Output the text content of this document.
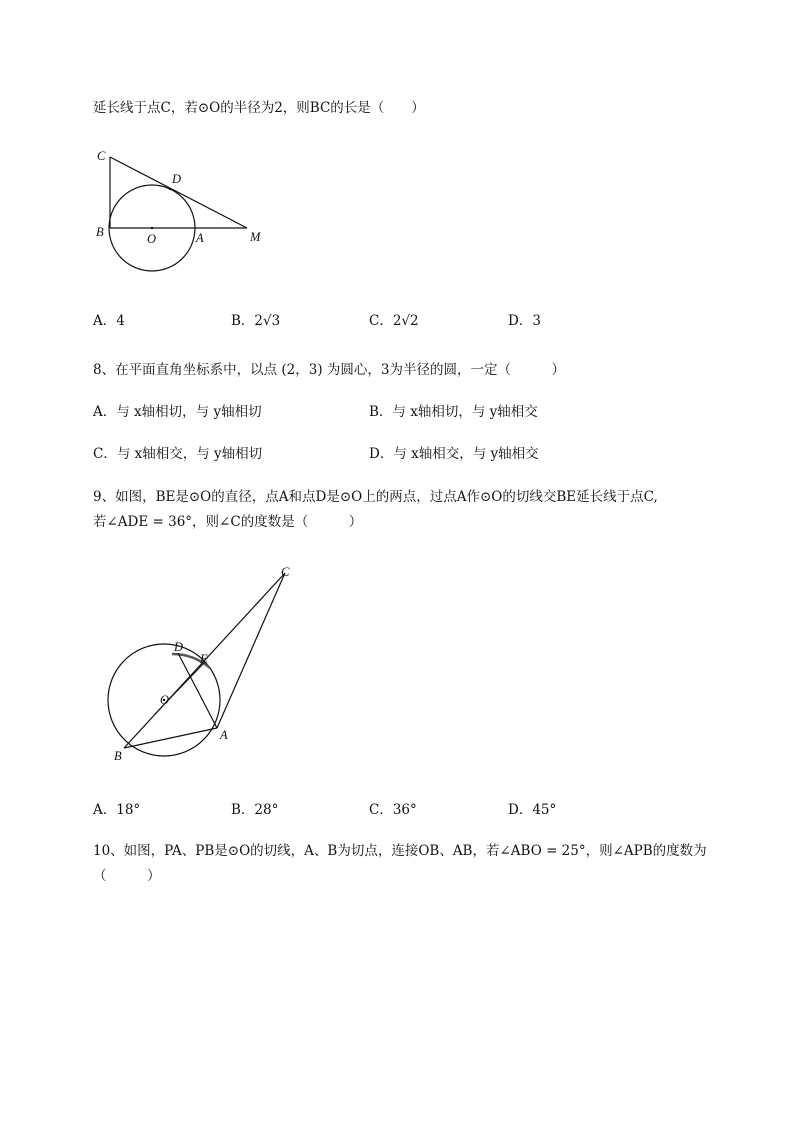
延长线于点C，若⊙O的半径为2，则BC的长是（　　）
C
D
B	O	A	M
A．4	B．2√3	C．2√2	D．3
8、在平面直角坐标系中，以点 (2，3) 为圆心，3为半径的圆，一定（　　　）
A．与 x轴相切，与 y轴相切	B．与 x轴相切，与 y轴相交
C．与 x轴相交，与 y轴相切	D．与 x轴相交，与 y轴相交
9、如图，BE是⊙O的直径，点A和点D是⊙O上的两点，过点A作⊙O的切线交BE延长线于点C,
若∠ADE = 36°，则∠C的度数是（　　　）
C
D
E
O
A
B
A．18°	B．28°	C．36°	D．45°
10、如图，PA、PB是⊙O的切线，A、B为切点，连接OB、AB，若∠ABO = 25°，则∠APB的度数为
（　　　）
